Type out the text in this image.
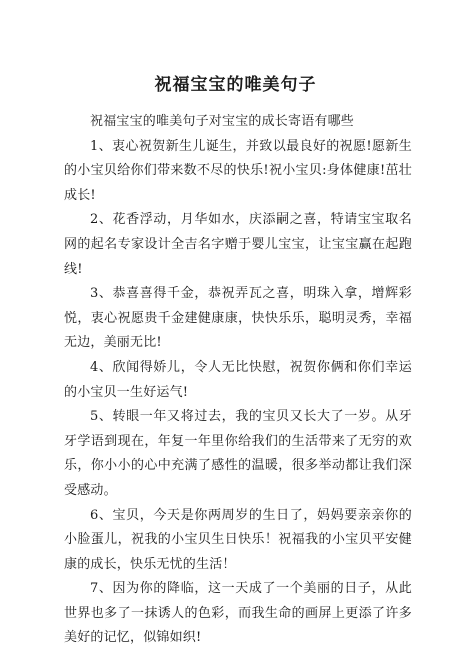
祝福宝宝的唯美句子

祝福宝宝的唯美句子对宝宝的成长寄语有哪些

1、衷心祝贺新生儿诞生，并致以最良好的祝愿!愿新生的小宝贝给你们带来数不尽的快乐!祝小宝贝:身体健康!茁壮成长!

2、花香浮动，月华如水，庆添嗣之喜，特请宝宝取名网的起名专家设计全吉名字赠于婴儿宝宝，让宝宝赢在起跑线!

3、恭喜喜得千金，恭祝弄瓦之喜，明珠入拿，增辉彩悦，衷心祝愿贵千金建健康康，快快乐乐，聪明灵秀，幸福无边，美丽无比!

4、欣闻得娇儿，令人无比快慰，祝贺你俩和你们幸运的小宝贝一生好运气!

5、转眼一年又将过去，我的宝贝又长大了一岁。从牙牙学语到现在，年复一年里你给我们的生活带来了无穷的欢乐，你小小的心中充满了感性的温暖，很多举动都让我们深受感动。

6、宝贝，今天是你两周岁的生日了，妈妈要亲亲你的小脸蛋儿，祝我的小宝贝生日快乐！祝福我的小宝贝平安健康的成长，快乐无忧的生活！

7、因为你的降临，这一天成了一个美丽的日子，从此世界也多了一抹诱人的色彩，而我生命的画屏上更添了许多美好的记忆，似锦如织!
